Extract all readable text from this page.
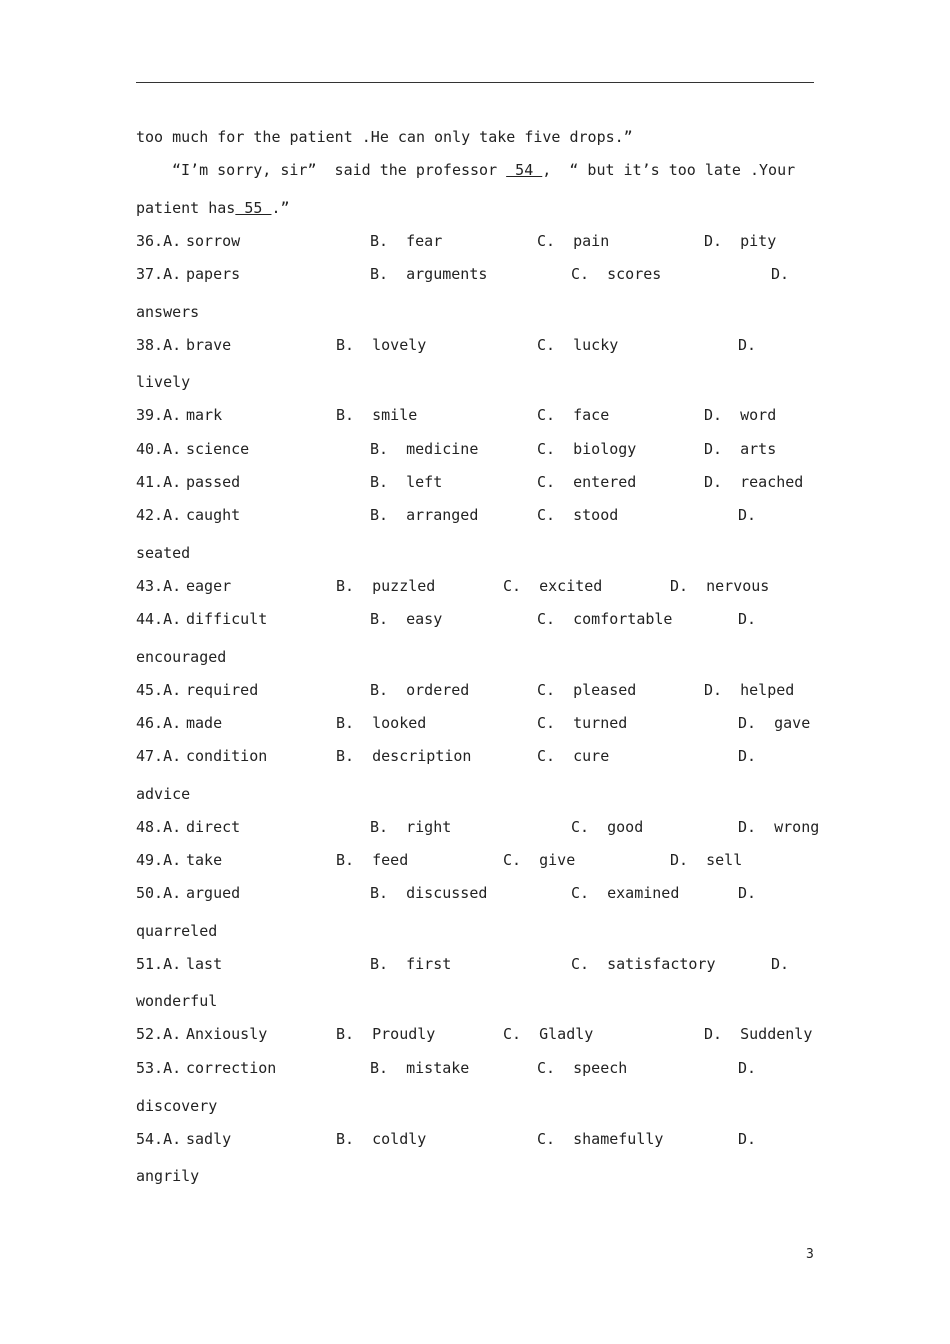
too much for the patient .He can only take five drops.”
“I’m sorry, sir”  said the professor  54 ,  “ but it’s too late .Your
patient has 55 .”
36.A. sorrow	B.  fear	C.  pain	D.  pity
37.A. papers	B.  arguments	C.  scores	D.
answers
38.A. brave	B.  lovely	C.  lucky	D.
lively
39.A. mark	B.  smile	C.  face	D.  word
40.A. science	B.  medicine	C.  biology	D.  arts
41.A. passed	B.  left	C.  entered	D.  reached
42.A. caught	B.  arranged	C.  stood	D.
seated
43.A. eager	B.  puzzled	C.  excited	D.  nervous
44.A. difficult	B.  easy	C.  comfortable	D.
encouraged
45.A. required	B.  ordered	C.  pleased	D.  helped
46.A. made	B.  looked	C.  turned	D.  gave
47.A. condition	B.  description	C.  cure	D.
advice
48.A. direct	B.  right	C.  good	D.  wrong
49.A. take	B.  feed	C.  give	D.  sell
50.A. argued	B.  discussed	C.  examined	D.
quarreled
51.A. last	B.  first	C.  satisfactory	D.
wonderful
52.A. Anxiously	B.  Proudly	C.  Gladly	D.  Suddenly
53.A. correction	B.  mistake	C.  speech	D.
discovery
54.A. sadly	B.  coldly	C.  shamefully	D.
angrily
3
